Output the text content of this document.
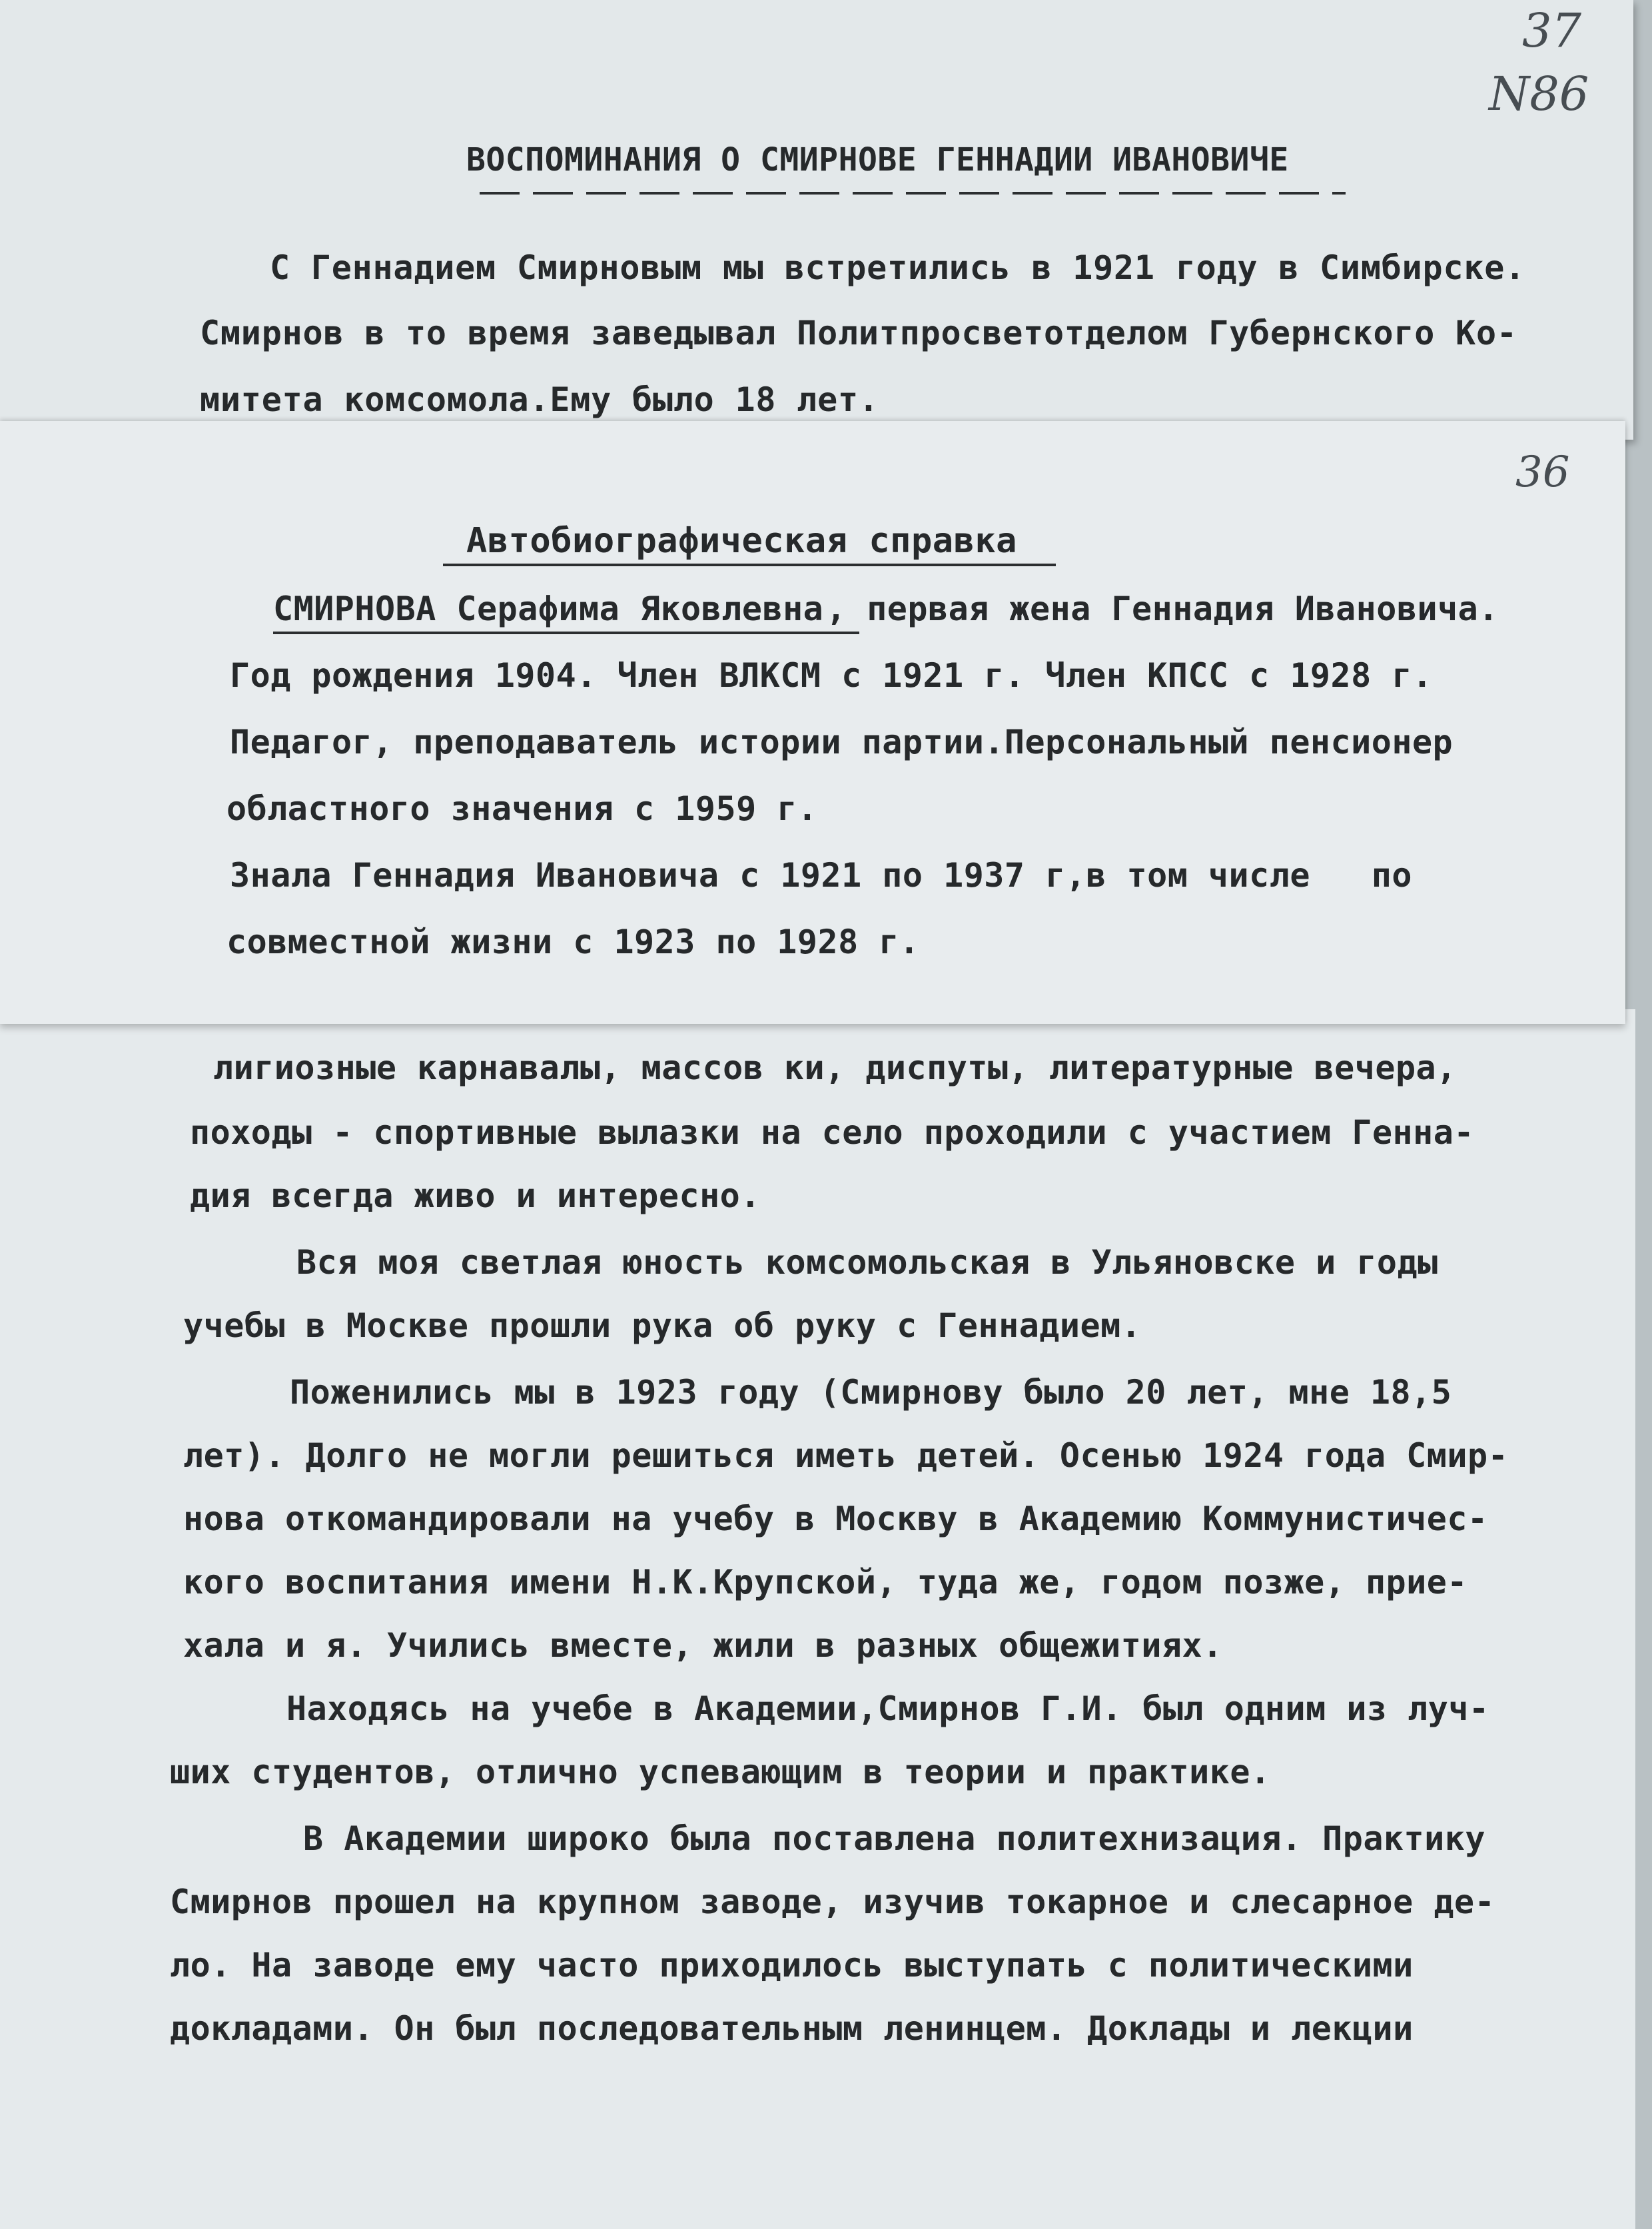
37
N86
ВОСПОМИНАНИЯ О СМИРНОВЕ ГЕННАДИИ ИВАНОВИЧЕ
С Геннадием Смирновым мы встретились в 1921 году в Симбирске.
Смирнов в то время заведывал Политпросветотделом Губернского Ко-
митета комсомола.Ему было 18 лет.
лигиозные карнавалы, массов ки, диспуты, литературные вечера,
походы - спортивные вылазки на село проходили с участием Генна-
дия всегда живо и интересно.
Вся моя светлая юность комсомольская в Ульяновске и годы
учебы в Москве прошли рука об руку с Геннадием.
Поженились мы в 1923 году (Смирнову было 20 лет, мне 18,5
лет). Долго не могли решиться иметь детей. Осенью 1924 года Смир-
нова откомандировали на учебу в Москву в Академию Коммунистичес-
кого воспитания имени Н.К.Крупской, туда же, годом позже, прие-
хала и я. Учились вместе, жили в разных общежитиях.
Находясь на учебе в Академии,Смирнов Г.И. был одним из луч-
ших студентов, отлично успевающим в теории и практике.
В Академии широко была поставлена политехнизация. Практику
Смирнов прошел на крупном заводе, изучив токарное и слесарное де-
ло. На заводе ему часто приходилось выступать с политическими
докладами. Он был последовательным ленинцем. Доклады и лекции
36
Автобиографическая справка
СМИРНОВА Серафима Яковлевна , первая жена Геннадия Ивановича.
Год рождения 1904. Член ВЛКСМ с 1921 г. Член КПСС с 1928 г.
Педагог, преподаватель истории партии.Персональный пенсионер
областного значения с 1959 г.
Знала Геннадия Ивановича с 1921 по 1937 г,в том числе   по
совместной жизни с 1923 по 1928 г.
